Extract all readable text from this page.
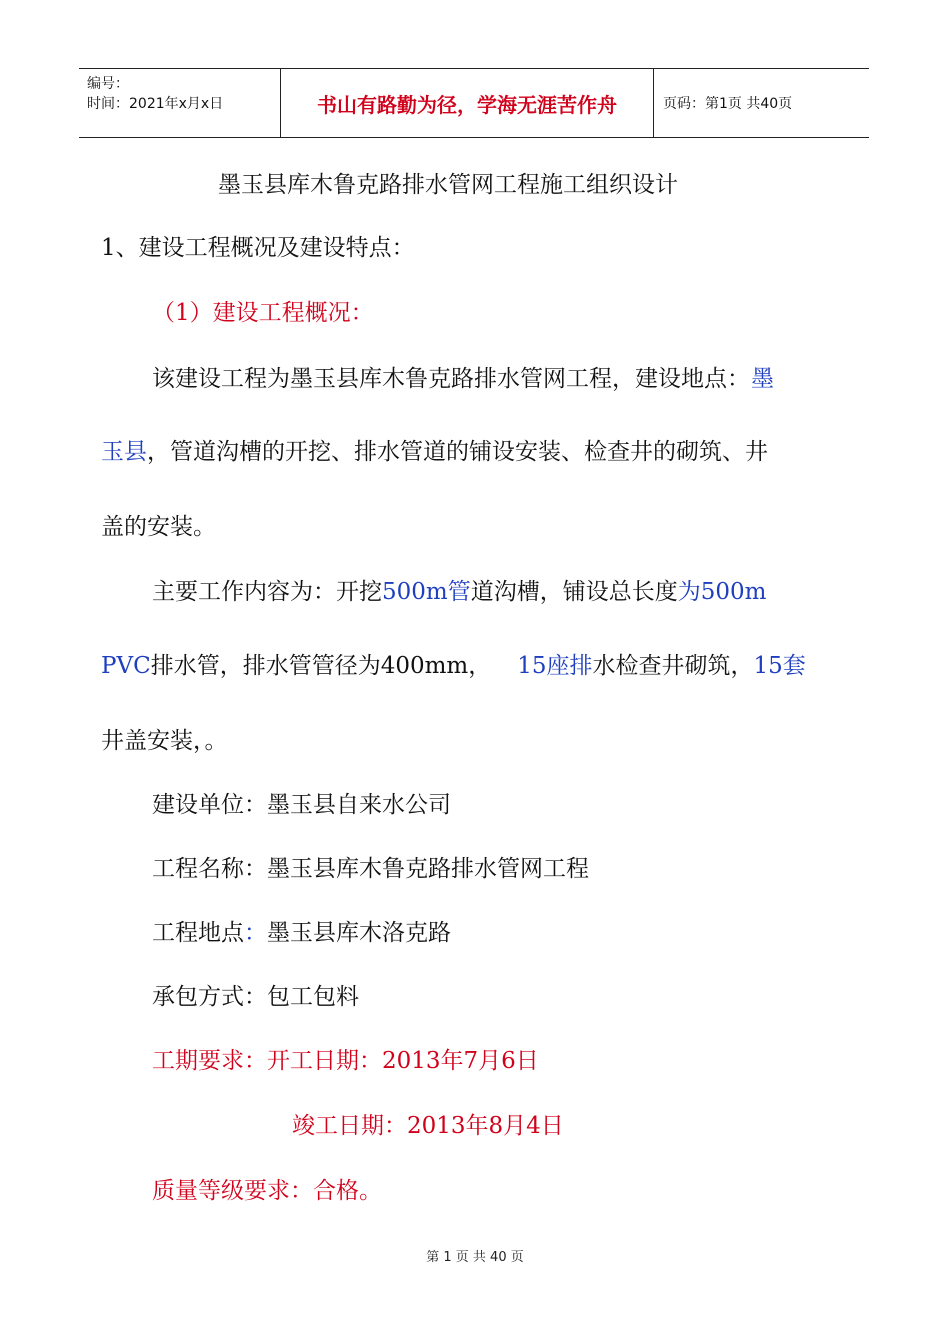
编号：
时间：2021年x月x日	书山有路勤为径，学海无涯苦作舟	页码：第1页 共40页
墨玉县库木鲁克路排水管网工程施工组织设计
1、建设工程概况及建设特点：
（1）建设工程概况：
该建设工程为墨玉县库木鲁克路排水管网工程，建设地点：墨
玉县，管道沟槽的开挖、排水管道的铺设安装、检查井的砌筑、井
盖的安装。
主要工作内容为：开挖500m管道沟槽，铺设总长度为500m
PVC排水管，排水管管径为400mm， 15座排水检查井砌筑，15套
井盖安装，。
建设单位：墨玉县自来水公司
工程名称：墨玉县库木鲁克路排水管网工程
工程地点：墨玉县库木洛克路
承包方式：包工包料
工期要求：开工日期：2013年7月6日
竣工日期：2013年8月4日
质量等级要求：合格。
第 1 页 共 40 页
